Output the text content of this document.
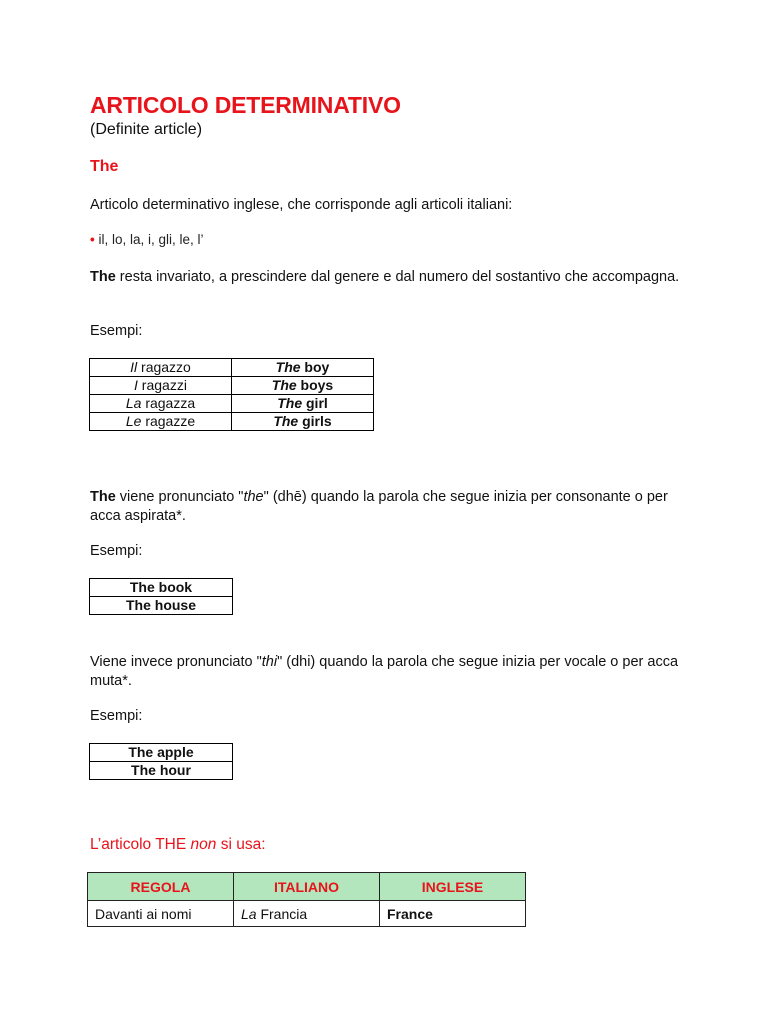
ARTICOLO DETERMINATIVO
(Definite article)
The

Articolo determinativo inglese, che corrisponde agli articoli italiani:

• il, lo, la, i, gli, le, l’

The resta invariato, a prescindere dal genere e dal numero del sostantivo che accompagna.

Esempi:

Il ragazzo	The boy
I ragazzi	The boys
La ragazza	The girl
Le ragazze	The girls

The viene pronunciato "the" (dhē) quando la parola che segue inizia per consonante o per acca aspirata*.

Esempi:

The book
The house

Viene invece pronunciato "thi" (dhi) quando la parola che segue inizia per vocale o per acca muta*.

Esempi:

The apple
The hour
L’articolo THE non si usa:
REGOLA	ITALIANO	INGLESE
Davanti ai nomi	La Francia	France
